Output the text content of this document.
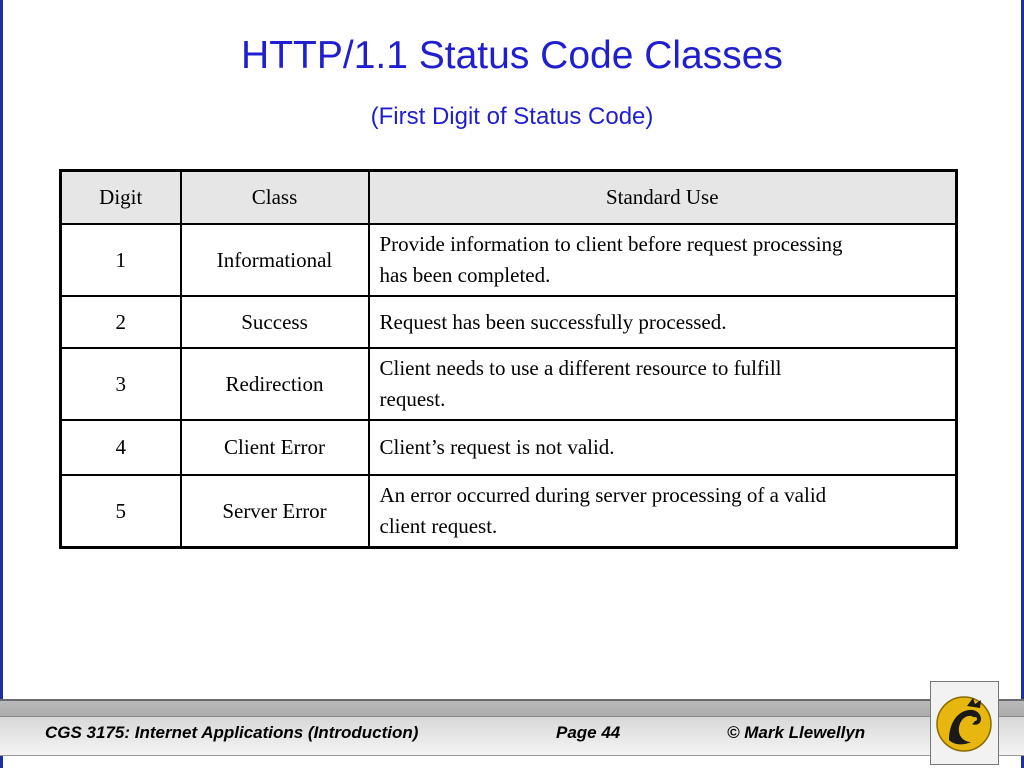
HTTP/1.1 Status Code Classes
(First Digit of Status Code)
Digit	Class	Standard Use
1	Informational	Provide information to client before request processing
has been completed.

2	Success	Request has been successfully processed.

3	Redirection	Client needs to use a different resource to fulfill
request.

4	Client Error	Client’s request is not valid.

5	Server Error	An error occurred during server processing of a valid
client request.
CGS 3175: Internet Applications (Introduction)	Page 44	© Mark Llewellyn
